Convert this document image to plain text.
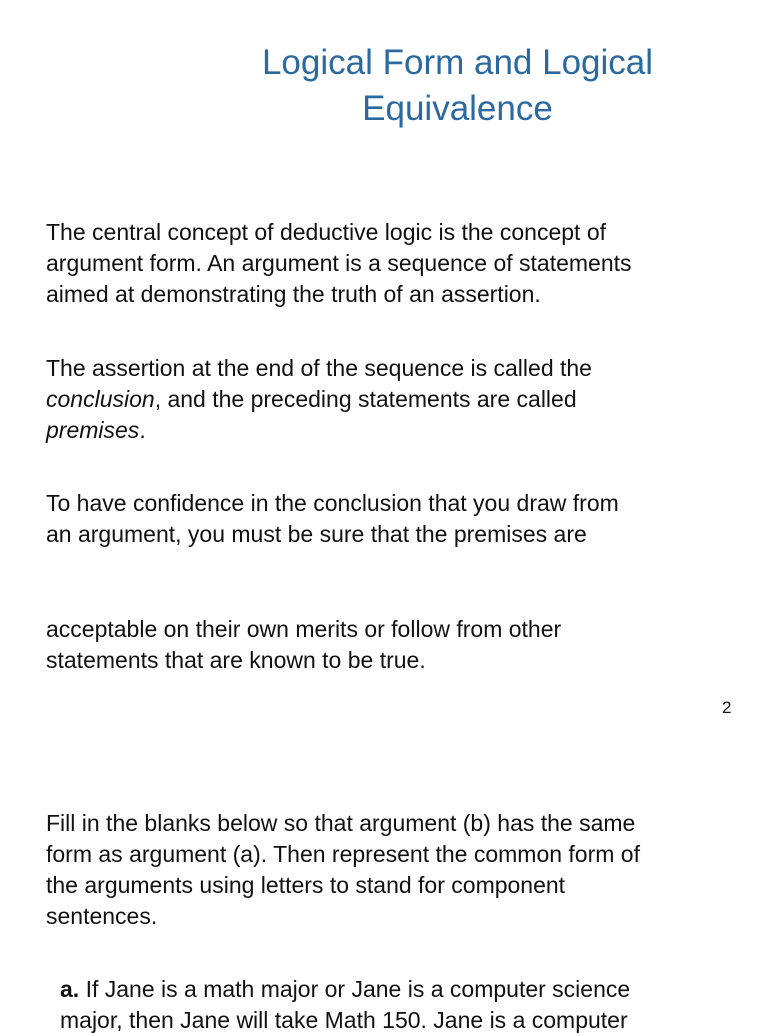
Logical Form and Logical
Equivalence

The central concept of deductive logic is the concept of
argument form. An argument is a sequence of statements
aimed at demonstrating the truth of an assertion.

The assertion at the end of the sequence is called the
conclusion, and the preceding statements are called
premises.

To have confidence in the conclusion that you draw from
an argument, you must be sure that the premises are

acceptable on their own merits or follow from other
statements that are known to be true.

2

Fill in the blanks below so that argument (b) has the same
form as argument (a). Then represent the common form of
the arguments using letters to stand for component
sentences.

a. If Jane is a math major or Jane is a computer science
major, then Jane will take Math 150. Jane is a computer
